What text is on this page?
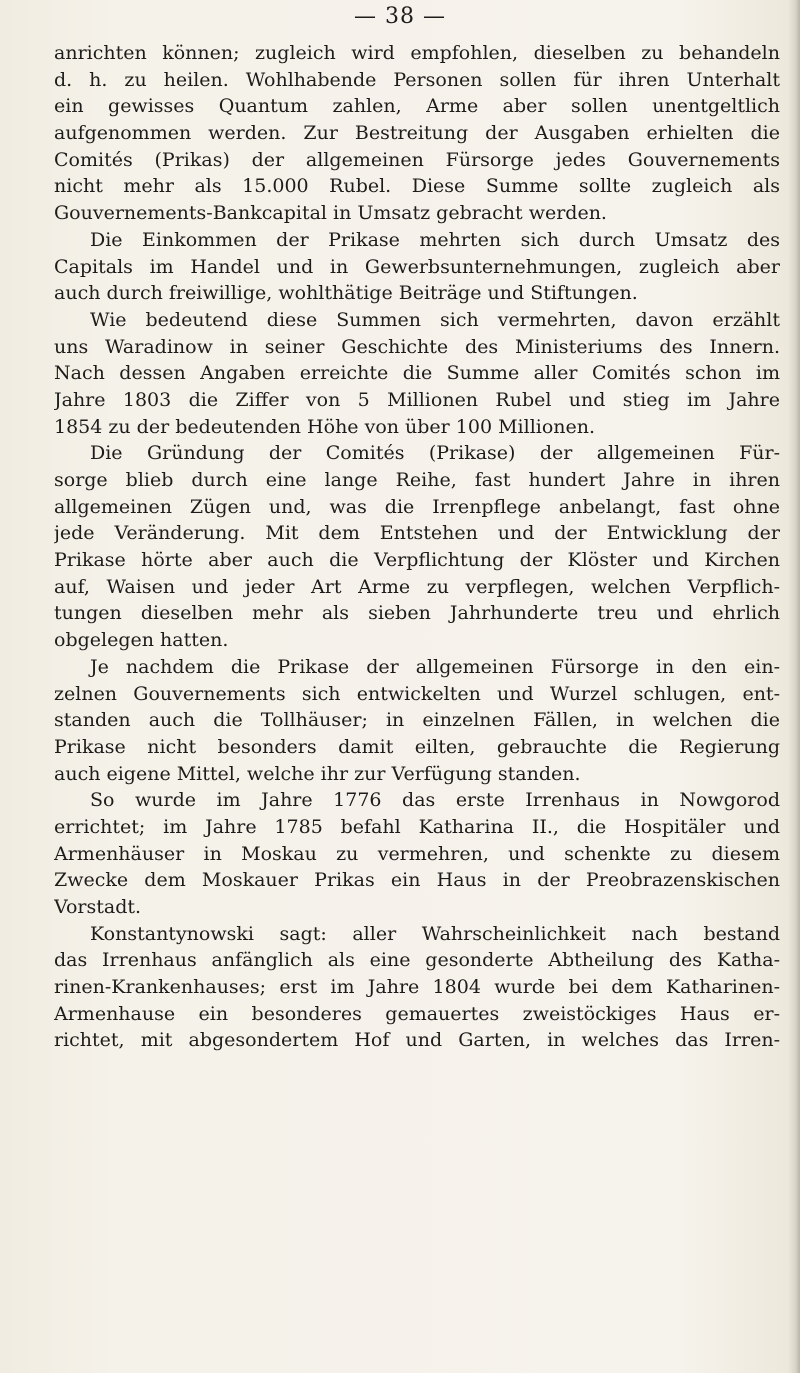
— 38 —
anrichten können; zugleich wird empfohlen, dieselben zu behandeln
d. h. zu heilen. Wohlhabende Personen sollen für ihren Unterhalt
ein gewisses Quantum zahlen, Arme aber sollen unentgeltlich
aufgenommen werden. Zur Bestreitung der Ausgaben erhielten die
Comités (Prikas) der allgemeinen Fürsorge jedes Gouvernements
nicht mehr als 15.000 Rubel. Diese Summe sollte zugleich als
Gouvernements-Bankcapital in Umsatz gebracht werden.
Die Einkommen der Prikase mehrten sich durch Umsatz des
Capitals im Handel und in Gewerbsunternehmungen, zugleich aber
auch durch freiwillige, wohlthätige Beiträge und Stiftungen.
Wie bedeutend diese Summen sich vermehrten, davon erzählt
uns Waradinow in seiner Geschichte des Ministeriums des Innern.
Nach dessen Angaben erreichte die Summe aller Comités schon im
Jahre 1803 die Ziffer von 5 Millionen Rubel und stieg im Jahre
1854 zu der bedeutenden Höhe von über 100 Millionen.
Die Gründung der Comités (Prikase) der allgemeinen Für-
sorge blieb durch eine lange Reihe, fast hundert Jahre in ihren
allgemeinen Zügen und, was die Irrenpflege anbelangt, fast ohne
jede Veränderung. Mit dem Entstehen und der Entwicklung der
Prikase hörte aber auch die Verpflichtung der Klöster und Kirchen
auf, Waisen und jeder Art Arme zu verpflegen, welchen Verpflich-
tungen dieselben mehr als sieben Jahrhunderte treu und ehrlich
obgelegen hatten.
Je nachdem die Prikase der allgemeinen Fürsorge in den ein-
zelnen Gouvernements sich entwickelten und Wurzel schlugen, ent-
standen auch die Tollhäuser; in einzelnen Fällen, in welchen die
Prikase nicht besonders damit eilten, gebrauchte die Regierung
auch eigene Mittel, welche ihr zur Verfügung standen.
So wurde im Jahre 1776 das erste Irrenhaus in Nowgorod
errichtet; im Jahre 1785 befahl Katharina II., die Hospitäler und
Armenhäuser in Moskau zu vermehren, und schenkte zu diesem
Zwecke dem Moskauer Prikas ein Haus in der Preobrazenskischen
Vorstadt.
Konstantynowski sagt: aller Wahrscheinlichkeit nach bestand
das Irrenhaus anfänglich als eine gesonderte Abtheilung des Katha-
rinen-Krankenhauses; erst im Jahre 1804 wurde bei dem Katharinen-
Armenhause ein besonderes gemauertes zweistöckiges Haus er-
richtet, mit abgesondertem Hof und Garten, in welches das Irren-
